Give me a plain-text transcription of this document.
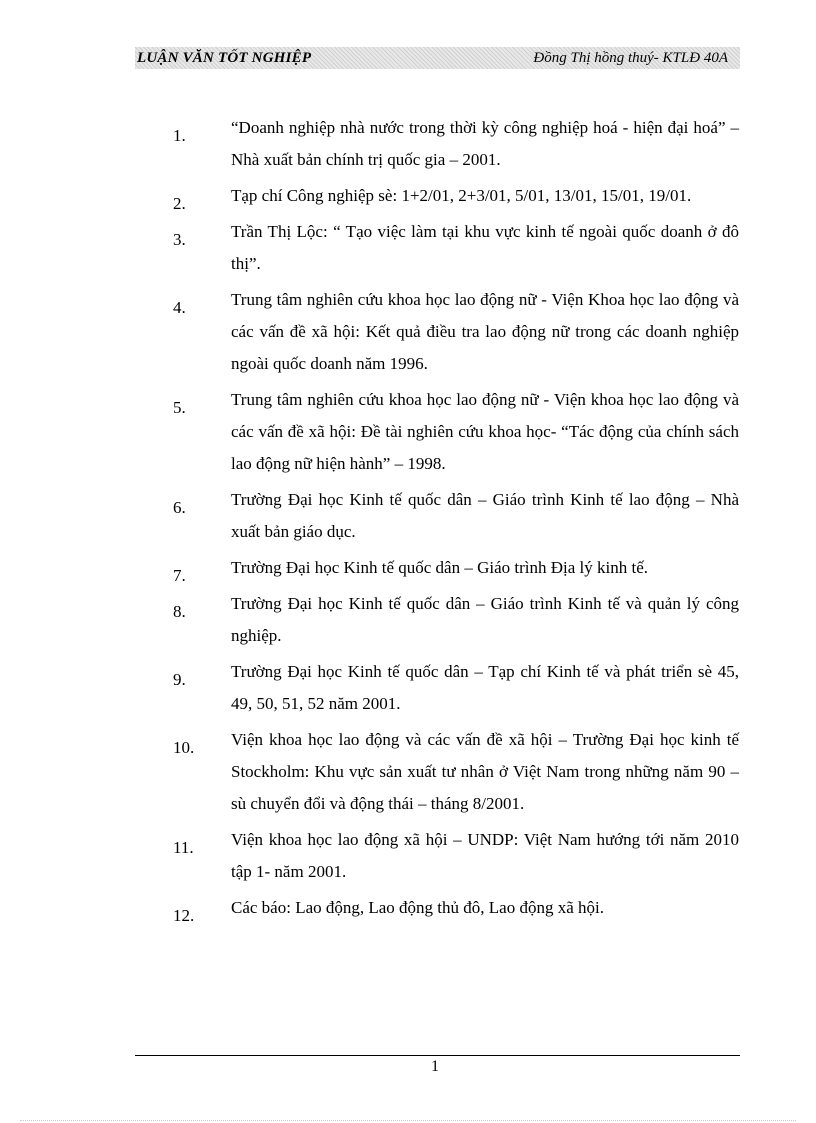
LUẬN VĂN TỐT NGHIỆP	Đồng Thị hồng thuý- KTLĐ 40A
1.	“Doanh nghiệp nhà nước trong thời kỳ công nghiệp hoá - hiện đại hoá” – Nhà xuất bản chính trị quốc gia – 2001.
2.	Tạp chí Công nghiệp sè: 1+2/01, 2+3/01, 5/01, 13/01, 15/01, 19/01.
3.	Trần Thị Lộc: “ Tạo việc làm tại khu vực kinh tế ngoài quốc doanh ở đô thị”.
4.	Trung tâm nghiên cứu khoa học lao động nữ - Viện Khoa học lao động và các vấn đề xã hội: Kết quả điều tra lao động nữ trong các doanh nghiệp ngoài quốc doanh năm 1996.
5.	Trung tâm nghiên cứu khoa học lao động nữ - Viện khoa học lao động và các vấn đề xã hội: Đề tài nghiên cứu khoa học- “Tác động của chính sách lao động nữ hiện hành” – 1998.
6.	Trường Đại học Kinh tế quốc dân – Giáo trình Kinh tế lao động – Nhà xuất bản giáo dục.
7.	Trường Đại học Kinh tế quốc dân – Giáo trình Địa lý kinh tế.
8.	Trường Đại học Kinh tế quốc dân – Giáo trình Kinh tế và quản lý công nghiệp.
9.	Trường Đại học Kinh tế quốc dân – Tạp chí Kinh tế và phát triển sè 45, 49, 50, 51, 52 năm 2001.
10. Viện khoa học lao động và các vấn đề xã hội – Trường Đại học kinh tế Stockholm: Khu vực sản xuất tư nhân ở Việt Nam trong những năm 90 – sù chuyển đổi và động thái – tháng 8/2001.
11. Viện khoa học lao động xã hội – UNDP: Việt Nam hướng tới năm 2010 tập 1- năm 2001.
12. Các báo: Lao động, Lao động thủ đô, Lao động xã hội.
1
